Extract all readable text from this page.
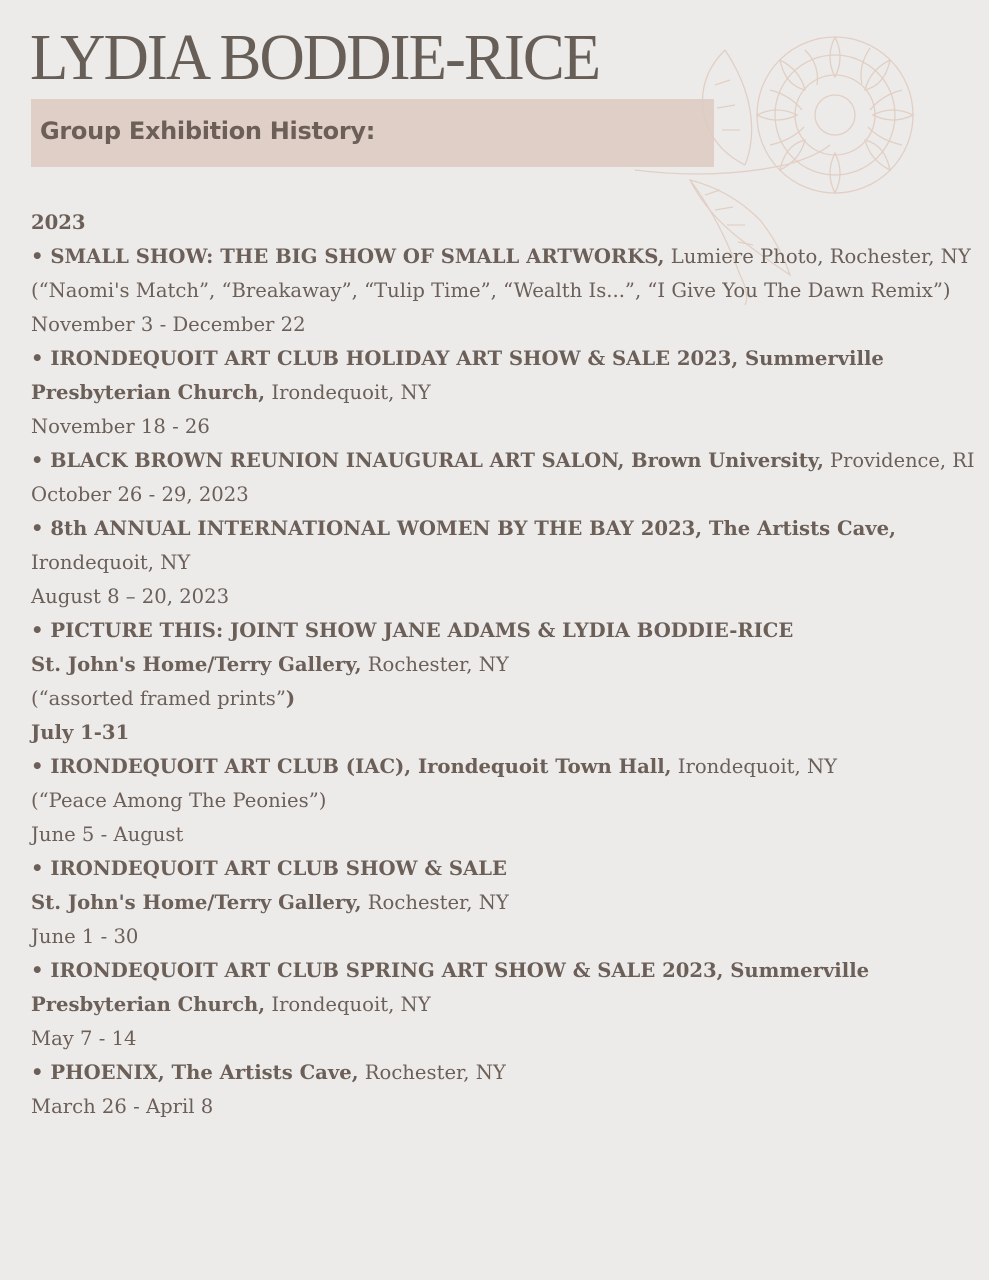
LYDIA BODDIE-RICE
Group Exhibition History:
2023
• SMALL SHOW: THE BIG SHOW OF SMALL ARTWORKS, Lumiere Photo, Rochester, NY
(“Naomi's Match”, “Breakaway”, “Tulip Time”, “Wealth Is...”, “I Give You The Dawn Remix”)
November 3 - December 22
• IRONDEQUOIT ART CLUB HOLIDAY ART SHOW & SALE 2023, Summerville
Presbyterian Church, Irondequoit, NY
November 18 - 26
• BLACK BROWN REUNION INAUGURAL ART SALON, Brown University, Providence, RI
October 26 - 29, 2023
• 8th ANNUAL INTERNATIONAL WOMEN BY THE BAY 2023, The Artists Cave,
Irondequoit, NY
August 8 – 20, 2023
• PICTURE THIS: JOINT SHOW JANE ADAMS & LYDIA BODDIE-RICE
St. John's Home/Terry Gallery, Rochester, NY
(“assorted framed prints”)
July 1-31
• IRONDEQUOIT ART CLUB (IAC), Irondequoit Town Hall, Irondequoit, NY
(“Peace Among The Peonies”)
June 5 - August
• IRONDEQUOIT ART CLUB SHOW & SALE
St. John's Home/Terry Gallery, Rochester, NY
June 1 - 30
• IRONDEQUOIT ART CLUB SPRING ART SHOW & SALE 2023, Summerville
Presbyterian Church, Irondequoit, NY
May 7 - 14
• PHOENIX, The Artists Cave, Rochester, NY
March 26 - April 8
